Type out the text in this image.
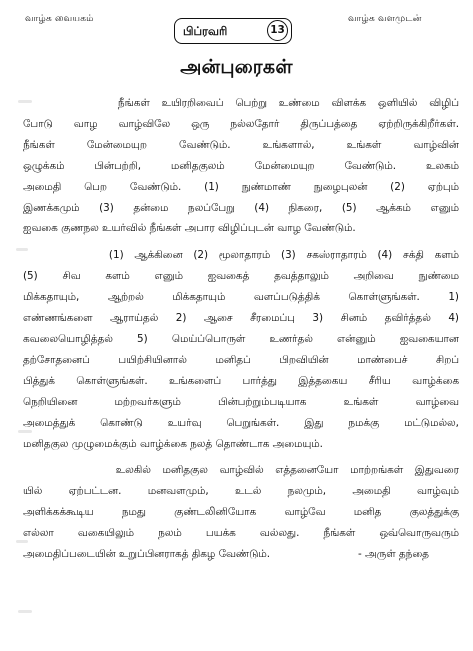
வாழ்க வையகம்	வாழ்க வளமுடன்
பிப்ரவரி	13
அன்புரைகள்
நீங்கள் உயிரறிவைப் பெற்று உண்மை விளக்க ஒளியில் விழிப்
போடு வாழ வாழ்விலே ஒரு நல்லதோர் திருப்பத்தை ஏற்றிருக்கிறீர்கள்.
நீங்கள் மேன்மையுற வேண்டும். உங்களால், உங்கள் வாழ்வின்
ஒழுக்கம் பின்பற்றி, மனிதகுலம் மேன்மையுற வேண்டும். உலகம்
அமைதி பெற வேண்டும். (1) நுண்மாண் நுழைபுலன் (2) ஏற்பும்
இணக்கமும் (3) தன்மை நலப்பேறு (4) நிகரை, (5) ஆக்கம் எனும்
ஐவகை குணநல உயர்வில் நீங்கள் அபார விழிப்புடன் வாழ வேண்டும்.
(1) ஆக்கினை (2) மூலாதாரம் (3) சகஸ்ராதாரம் (4) சக்தி களம்
(5) சிவ களம் எனும் ஐவகைத் தவத்தாலும் அறிவை நுண்மை
மிக்கதாயும், ஆற்றல் மிக்கதாயும் வளப்படுத்திக் கொள்ளுங்கள். 1)
எண்ணங்களை ஆராய்தல் 2) ஆசை சீரமைப்பு 3) சினம் தவிர்த்தல் 4)
கவலையொழித்தல் 5) மெய்ப்பொருள் உணர்தல் என்னும் ஐவகையான
தற்சோதனைப் பயிற்சியினால் மனிதப் பிறவியின் மாண்பைச் சிறப்
பித்துக் கொள்ளுங்கள். உங்களைப் பார்த்து இத்தகைய சீரிய வாழ்க்கை
நெறியினை மற்றவர்களும் பின்பற்றும்படியாக உங்கள் வாழ்வை
அமைத்துக் கொண்டு உயர்வு பெறுங்கள். இது நமக்கு மட்டுமல்ல,
மனிதகுல முழுமைக்கும் வாழ்க்கை நலத் தொண்டாக அமையும்.
உலகில் மனிதகுல வாழ்வில் எத்தனையோ மாற்றங்கள் இதுவரை
யில் ஏற்பட்டன. மனவளமும், உடல் நலமும், அமைதி வாழ்வும்
அளிக்கக்கூடிய நமது குண்டலினியோக வாழ்வே மனித குலத்துக்கு
எல்லா வகையிலும் நலம் பயக்க வல்லது. நீங்கள் ஒவ்வொருவரும்
அமைதிப்படையின் உறுப்பினராகத் திகழ வேண்டும்.	- அருள் தந்தை
